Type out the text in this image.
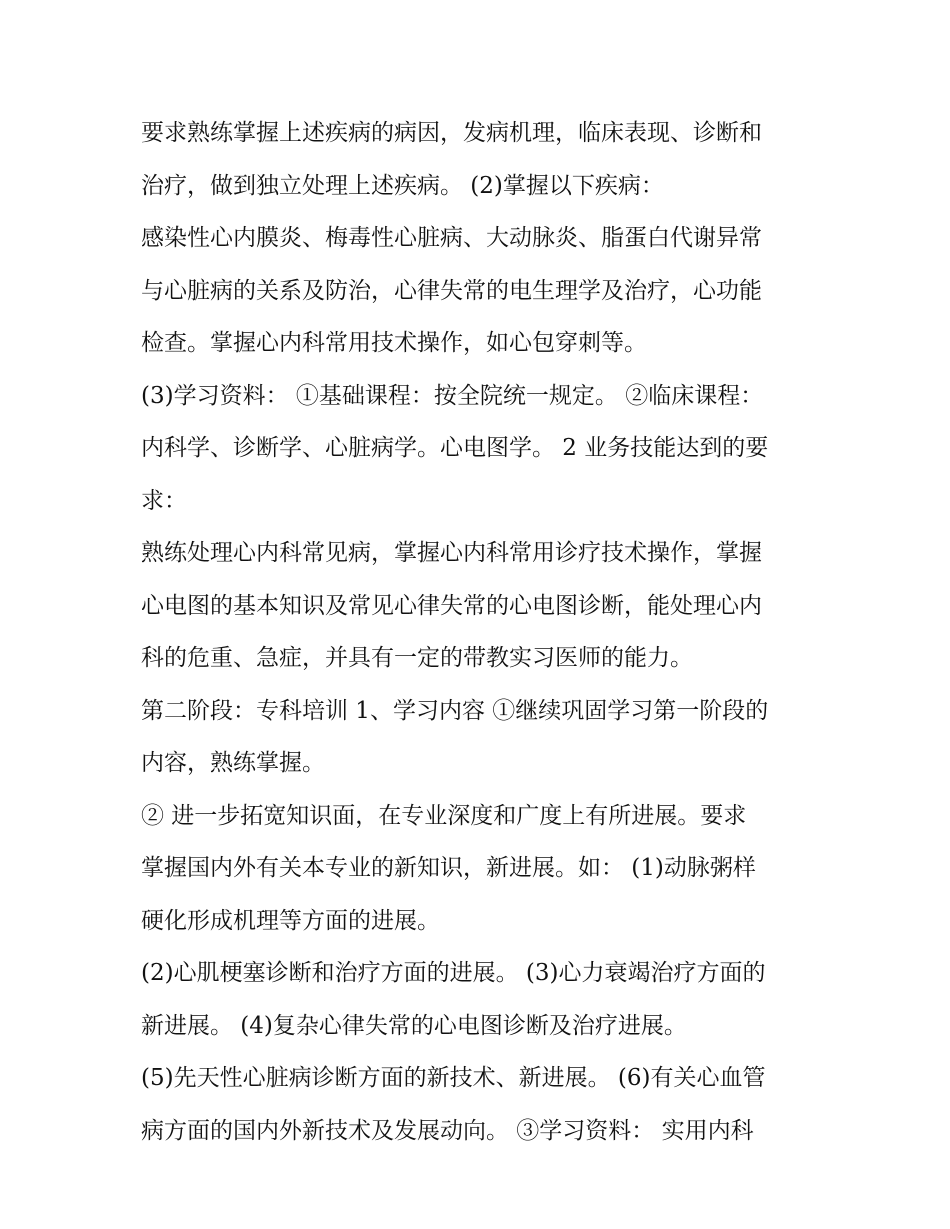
要求熟练掌握上述疾病的病因，发病机理，临床表现、诊断和
治疗，做到独立处理上述疾病。 (2)掌握以下疾病：
感染性心内膜炎、梅毒性心脏病、大动脉炎、脂蛋白代谢异常
与心脏病的关系及防治，心律失常的电生理学及治疗，心功能
检查。掌握心内科常用技术操作，如心包穿刺等。
(3)学习资料： ①基础课程：按全院统一规定。 ②临床课程：
内科学、诊断学、心脏病学。心电图学。 2 业务技能达到的要
求：
熟练处理心内科常见病，掌握心内科常用诊疗技术操作，掌握
心电图的基本知识及常见心律失常的心电图诊断，能处理心内
科的危重、急症，并具有一定的带教实习医师的能力。
第二阶段：专科培训 1、学习内容 ①继续巩固学习第一阶段的
内容，熟练掌握。
② 进一步拓宽知识面，在专业深度和广度上有所进展。要求
掌握国内外有关本专业的新知识，新进展。如： (1)动脉粥样
硬化形成机理等方面的进展。
(2)心肌梗塞诊断和治疗方面的进展。 (3)心力衰竭治疗方面的
新进展。 (4)复杂心律失常的心电图诊断及治疗进展。
(5)先天性心脏病诊断方面的新技术、新进展。 (6)有关心血管
病方面的国内外新技术及发展动向。 ③学习资料： 实用内科
